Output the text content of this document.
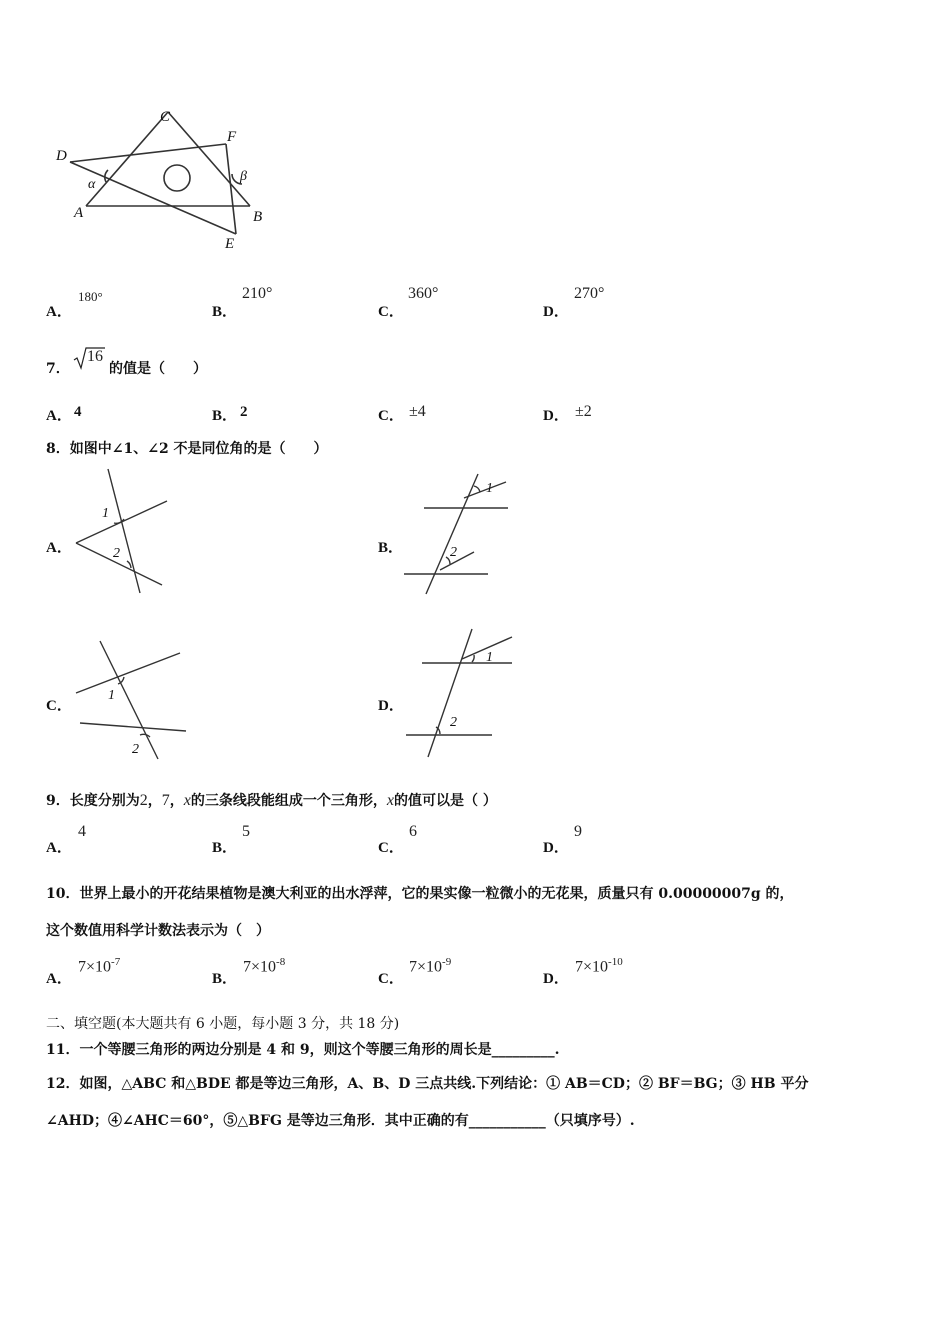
C
F
D
α
β
A	B
E
A．
180°
B．
210°
C．
360°
D．
270°
7．
16
的值是（　　）
A． 4	B． 2	C． ±4	D． ±2
8．如图中∠1、∠2 不是同位角的是（　　）
A．
1
2	B．
1
2
C．
1
2
D．
1
2
9．长度分别为2，7，x的三条线段能组成一个三角形，x的值可以是（ ）
A．
4
B．
5
C．
6
D．
9
10．世界上最小的开花结果植物是澳大利亚的出水浮萍，它的果实像一粒微小的无花果，质量只有 0.00000007g 的，
这个数值用科学计数法表示为（　）
A．
$7\times 10^{-7}$
B．
$7\times 10^{-8}$
C．
$7\times 10^{-9}$
D．
$7\times 10^{-10}$
二、填空题(本大题共有 6 小题，每小题 3 分，共 18 分)
11．一个等腰三角形的两边分别是 4 和 9，则这个等腰三角形的周长是_________.
12．如图，△ABC 和△BDE 都是等边三角形，A、B、D 三点共线.下列结论：① AB＝CD；② BF＝BG；③ HB 平分
∠AHD；④∠AHC＝60°，⑤△BFG 是等边三角形．其中正确的有___________（只填序号）.
